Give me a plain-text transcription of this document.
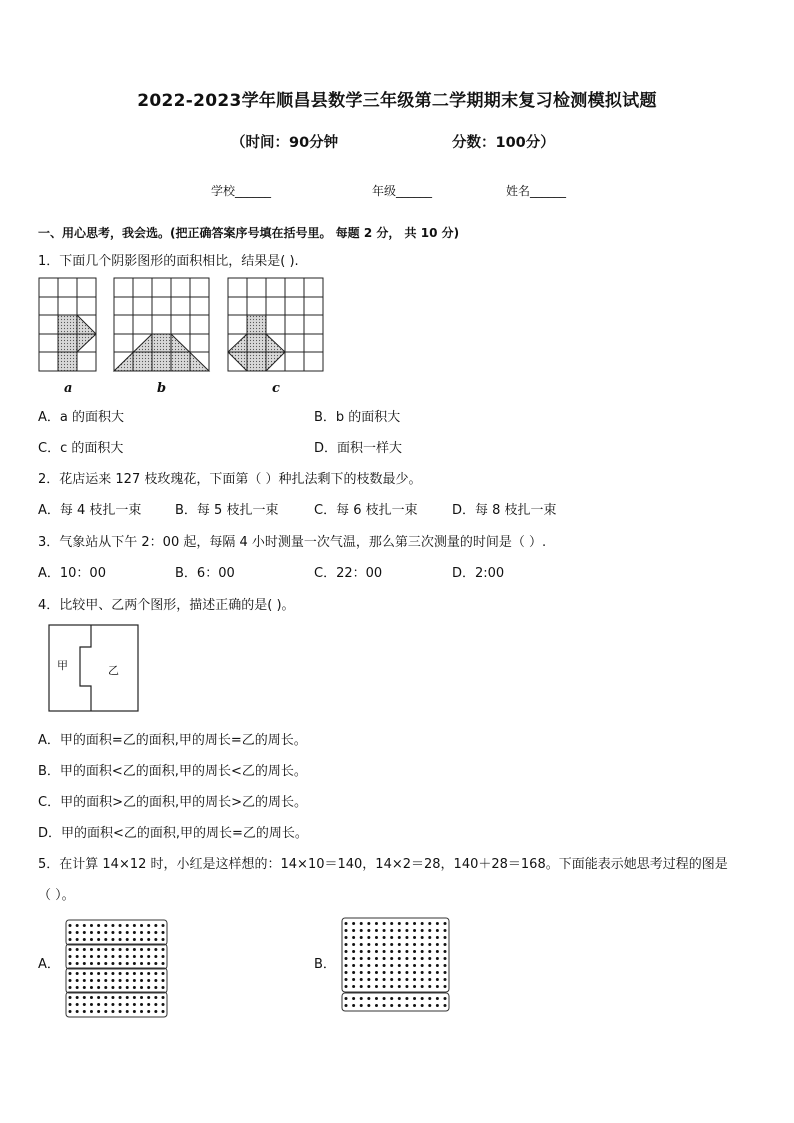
2022-2023学年顺昌县数学三年级第二学期期末复习检测模拟试题
（时间：90分钟	分数：100分）
学校______	年级______	姓名______
一、用心思考，我会选。(把正确答案序号填在括号里。 每题 2 分， 共 10 分)
1．下面几个阴影图形的面积相比，结果是( ).
a	b	c
A．a 的面积大	B．b 的面积大
C．c 的面积大	D．面积一样大
2．花店运来 127 枝玫瑰花，下面第（ ）种扎法剩下的枝数最少。
A．每 4 枝扎一束	B．每 5 枝扎一束	C．每 6 枝扎一束	D．每 8 枝扎一束
3．气象站从下午 2：00 起，每隔 4 小时测量一次气温，那么第三次测量的时间是（ ）.
A．10：00	B．6：00	C．22：00	D．2:00
4．比较甲、乙两个图形，描述正确的是( )。
甲	乙
A．甲的面积=乙的面积,甲的周长=乙的周长。
B．甲的面积<乙的面积,甲的周长<乙的周长。
C．甲的面积>乙的面积,甲的周长>乙的周长。
D．甲的面积<乙的面积,甲的周长=乙的周长。
5．在计算 14×12 时，小红是这样想的：14×10＝140，14×2＝28，140＋28＝168。下面能表示她思考过程的图是
（ ）。
A．	B．
